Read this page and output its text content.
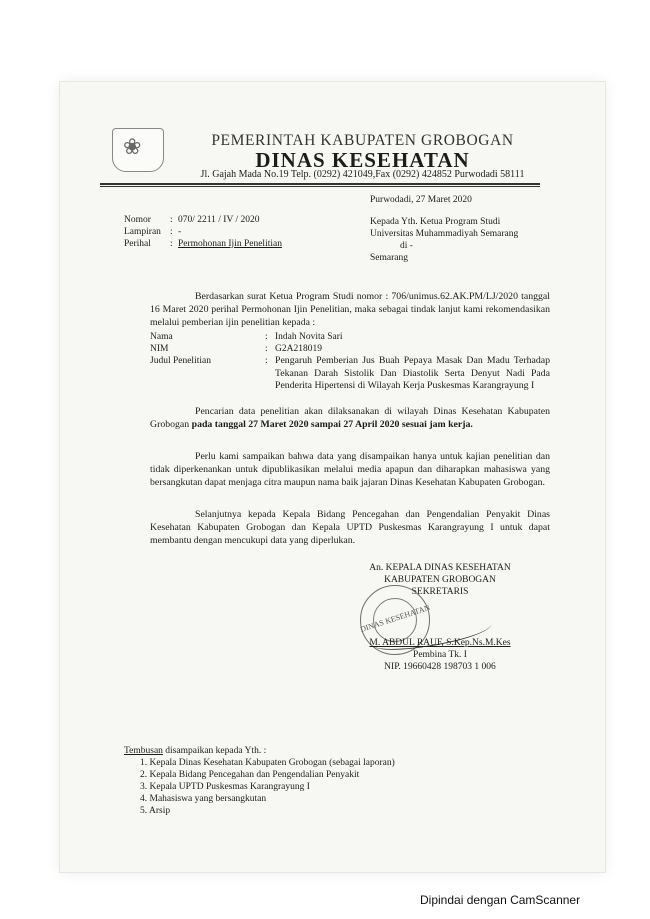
❀	PEMERINTAH KABUPATEN GROBOGAN
DINAS KESEHATAN
Jl. Gajah Mada No.19 Telp. (0292) 421049,Fax (0292) 424852 Purwodadi 58111
Purwodadi, 27 Maret 2020
Nomor : 070/ 2211 / IV / 2020
Lampiran : -
Perihal : Permohonan Ijin Penelitian
Kepada Yth. Ketua Program Studi
Universitas Muhammadiyah Semarang
di -
Semarang
Berdasarkan surat Ketua Program Studi nomor : 706/unimus.62.AK.PM/LJ/2020 tanggal 16 Maret 2020 perihal Permohonan Ijin Penelitian, maka sebagai tindak lanjut kami rekomendasikan melalui pemberian ijin penelitian kepada :
Nama	: Indah Novita Sari
NIM	: G2A218019
Judul Penelitian	: Pengaruh Pemberian Jus Buah Pepaya Masak Dan Madu Terhadap Tekanan Darah Sistolik Dan Diastolik Serta Denyut Nadi Pada Penderita Hipertensi di Wilayah Kerja Puskesmas Karangrayung I
Pencarian data penelitian akan dilaksanakan di wilayah Dinas Kesehatan Kabupaten Grobogan pada tanggal 27 Maret 2020 sampai 27 April 2020 sesuai jam kerja.
Perlu kami sampaikan bahwa data yang disampaikan hanya untuk kajian penelitian dan tidak diperkenankan untuk dipublikasikan melalui media apapun dan diharapkan mahasiswa yang bersangkutan dapat menjaga citra maupun nama baik jajaran Dinas Kesehatan Kabupaten Grobogan.
Selanjutnya kepada Kepala Bidang Pencegahan dan Pengendalian Penyakit Dinas Kesehatan Kabupaten Grobogan dan Kepala UPTD Puskesmas Karangrayung I untuk dapat membantu dengan mencukupi data yang diperlukan.
An. KEPALA DINAS KESEHATAN
KABUPATEN GROBOGAN
SEKRETARIS
DINAS KESEHATAN
M. ABDUL RAUF, S.Kep.Ns.M.Kes
Pembina Tk. I
NIP. 19660428 198703 1 006
Tembusan disampaikan kepada Yth. :
1. Kepala Dinas Kesehatan Kabupaten Grobogan (sebagai laporan)
2. Kepala Bidang Pencegahan dan Pengendalian Penyakit
3. Kepala UPTD Puskesmas Karangrayung I
4. Mahasiswa yang bersangkutan
5. Arsip
Dipindai dengan CamScanner
